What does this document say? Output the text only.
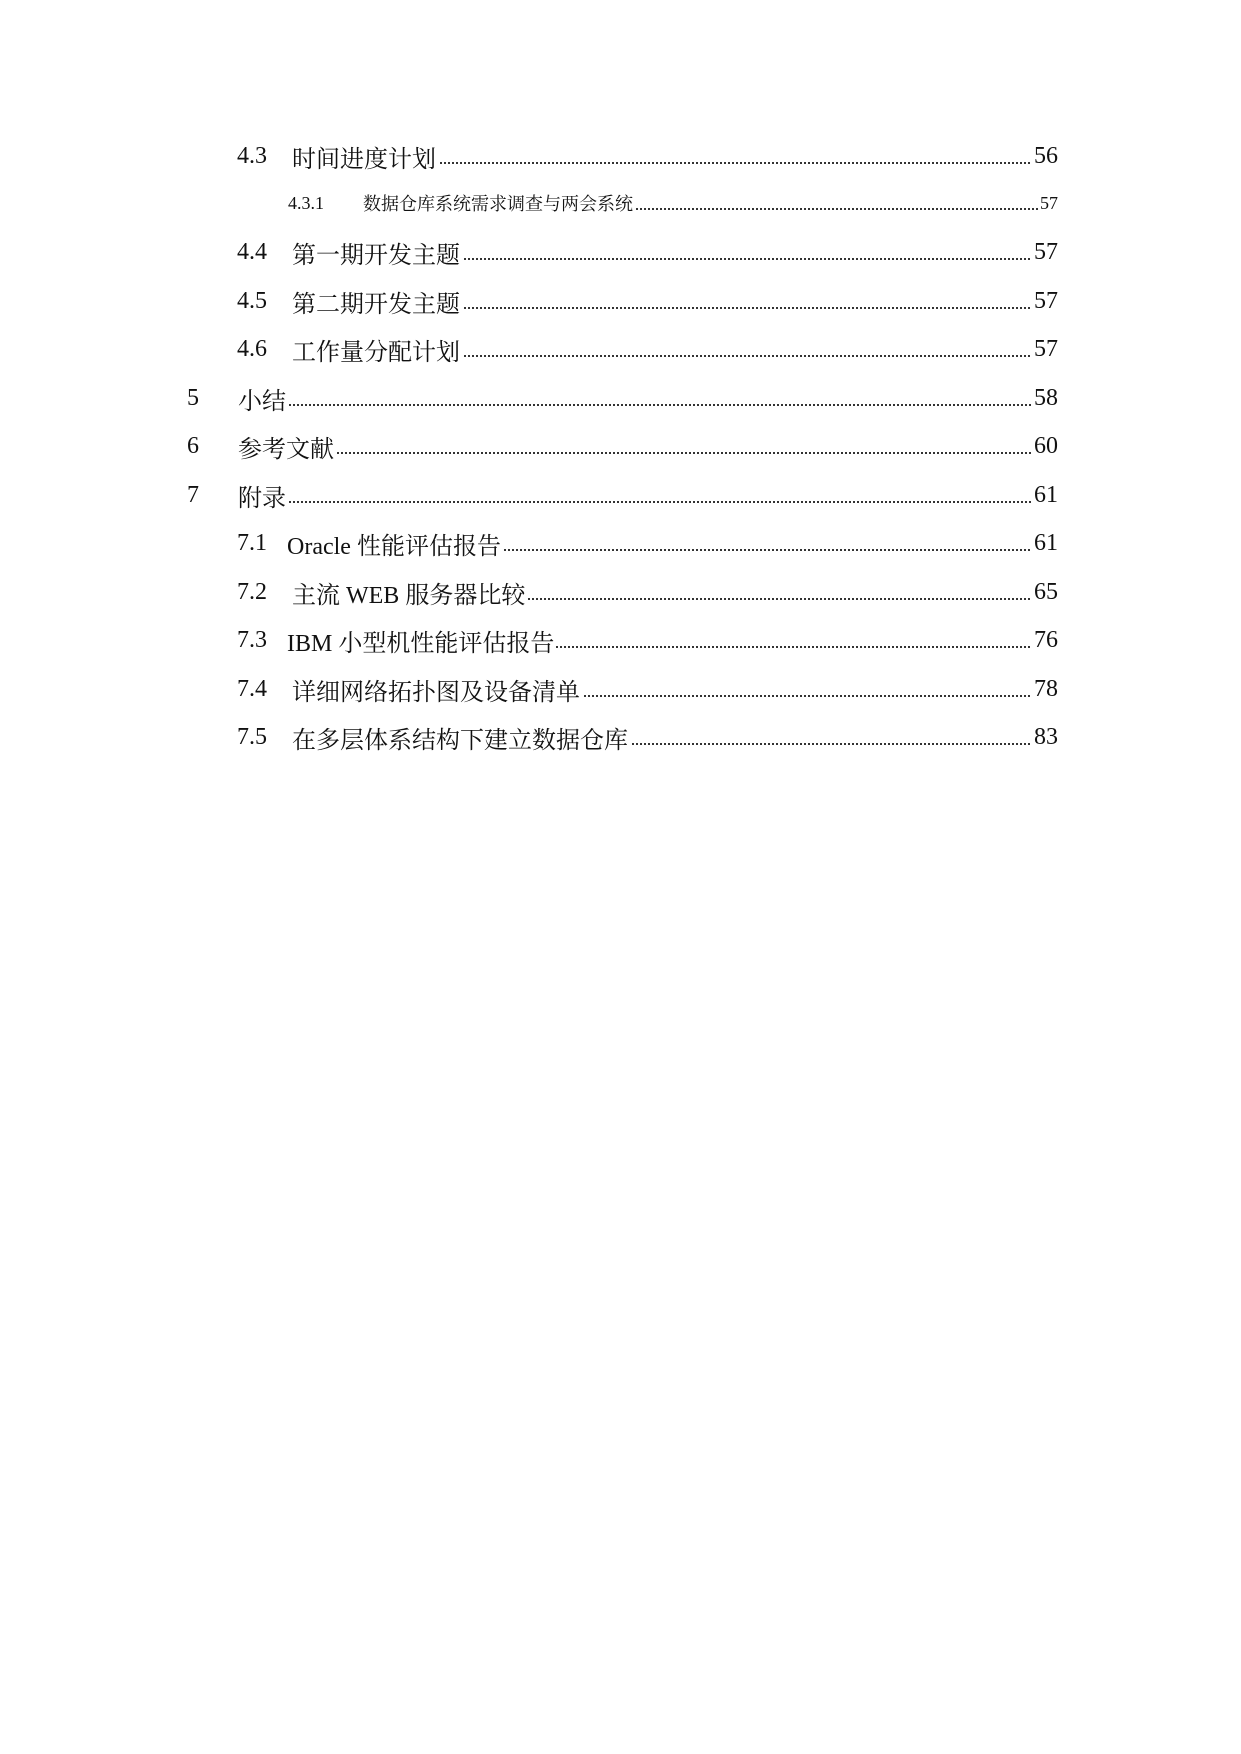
4.3 时间进度计划	56
4.3.1 数据仓库系统需求调查与两会系统	57
4.4 第一期开发主题	57
4.5 第二期开发主题	57
4.6 工作量分配计划	57
5 小结	58
6 参考文献	60
7 附录	61
7.1 Oracle 性能评估报告	61
7.2 主流 WEB 服务器比较	65
7.3 IBM 小型机性能评估报告	76
7.4 详细网络拓扑图及设备清单	78
7.5 在多层体系结构下建立数据仓库	83
